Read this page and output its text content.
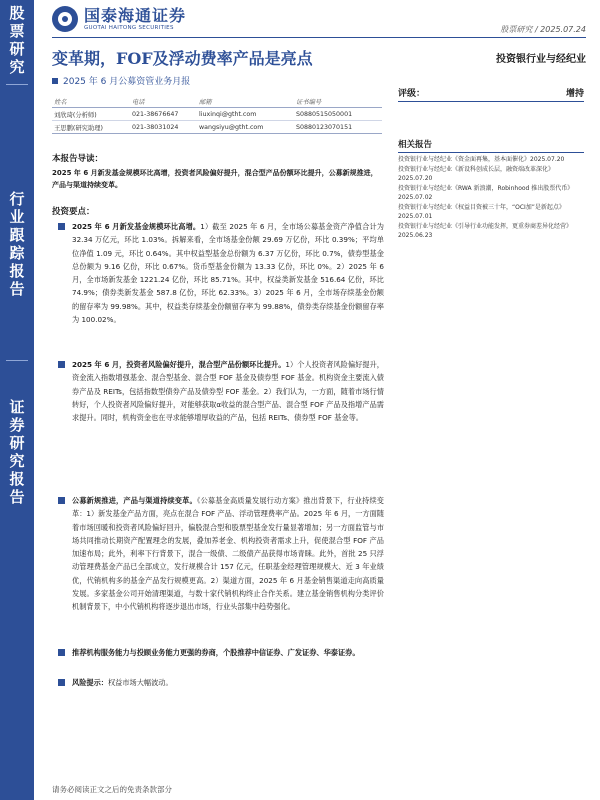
股
票
研
究
行
业
跟
踪
报
告
证
券
研
究
报
告
国泰海通证券
GUOTAI HAITONG SECURITIES	股票研究 / 2025.07.24
变革期，FOF及浮动费率产品是亮点	投资银行业与经纪业
2025 年 6 月公募资管业务月报
姓名	电话	邮箱	证书编号
刘欣琦(分析师)	021-38676647	liuxinqi@gtht.com	S0880515050001
王思鹏(研究助理)	021-38031024	wangsiyu@gtht.com	S0880123070151
评级：	增持
相关报告
投资银行业与经纪业《资金面再集，基本面催化》2025.07.20
投资银行业与经纪业《新设科创成长层，融资端改革深化》2025.07.20
投资银行业与经纪业《RWA 新浪潮，Robinhood 推出股票代币》2025.07.02
投资银行业与经纪业《权益目资被三十年，“OCI加”是新起点》2025.07.01
投资银行业与经纪业《引导行业功能发挥，更重券商差异化经营》2025.06.23
本报告导读：
2025 年 6 月新发基金规模环比高增，投资者风险偏好提升，混合型产品份额环比提升，公募新规推进，产品与渠道持续变革。
投资要点：
2025 年 6 月新发基金规模环比高增。1）截至 2025 年 6 月，全市场公募基金资产净值合计为 32.34 万亿元，环比 1.03%。拆解来看，全市场基金份额 29.69 万亿份，环比 0.39%；平均单位净值 1.09 元，环比 0.64%。其中权益型基金总份额为 6.37 万亿份，环比 0.7%，债券型基金总份额为 9.16 亿份，环比 0.67%。货币型基金份额为 13.33 亿份，环比 0%。2）2025 年 6 月，全市场新发基金 1221.24 亿份，环比 85.71%。其中，权益类新发基金 516.64 亿份，环比 74.9%；债券类新发基金 587.8 亿份，环比 62.33%。3）2025 年 6 月，全市场存续基金份额的留存率为 99.98%。其中，权益类存续基金份额留存率为 99.88%，债券类存续基金份额留存率为 100.02%。
2025 年 6 月，投资者风险偏好提升，混合型产品份额环比提升。1）个人投资者风险偏好提升，资金流入指数增强基金、混合型基金、混合型 FOF 基金及债券型 FOF 基金。机构资金主要流入债券产品及 REITs，包括指数型债券产品及债券型 FOF 基金。2）我们认为，一方面，随着市场行情转好，个人投资者风险偏好提升，对能够获取α收益的混合型产品、混合型 FOF 产品及指增产品需求提升。同时，机构资金也在寻求能够增厚收益的产品，包括 REITs、债券型 FOF 基金等。
公募新规推进，产品与渠道持续变革。《公募基金高质量发展行动方案》推出背景下，行业持续变革：1）新发基金产品方面，亮点在混合 FOF 产品、浮动管理费率产品。2025 年 6 月，一方面随着市场回暖和投资者风险偏好回升，偏股混合型和股票型基金发行量显著增加；另一方面监管与市场共同推动长期资产配置理念的发展，叠加养老金、机构投资者需求上升，促使混合型 FOF 产品加速布局；此外，利率下行背景下，混合一级债、二级债产品获得市场青睐。此外，首批 25 只浮动管理费基金产品已全部成立，发行规模合计 157 亿元，任职基金经理管理规模大、近 3 年业绩优，代销机构多的基金产品发行规模更高。2）渠道方面，2025 年 6 月基金销售渠道走向高质量发展。多家基金公司开始清理渠道，与数十家代销机构终止合作关系。建立基金销售机构分类评价机制背景下，中小代销机构将逐步退出市场，行业头部集中趋势强化。
推荐机构服务能力与投顾业务能力更强的券商，个股推荐中信证券、广发证券、华泰证券。
风险提示：权益市场大幅波动。
请务必阅读正文之后的免责条款部分
